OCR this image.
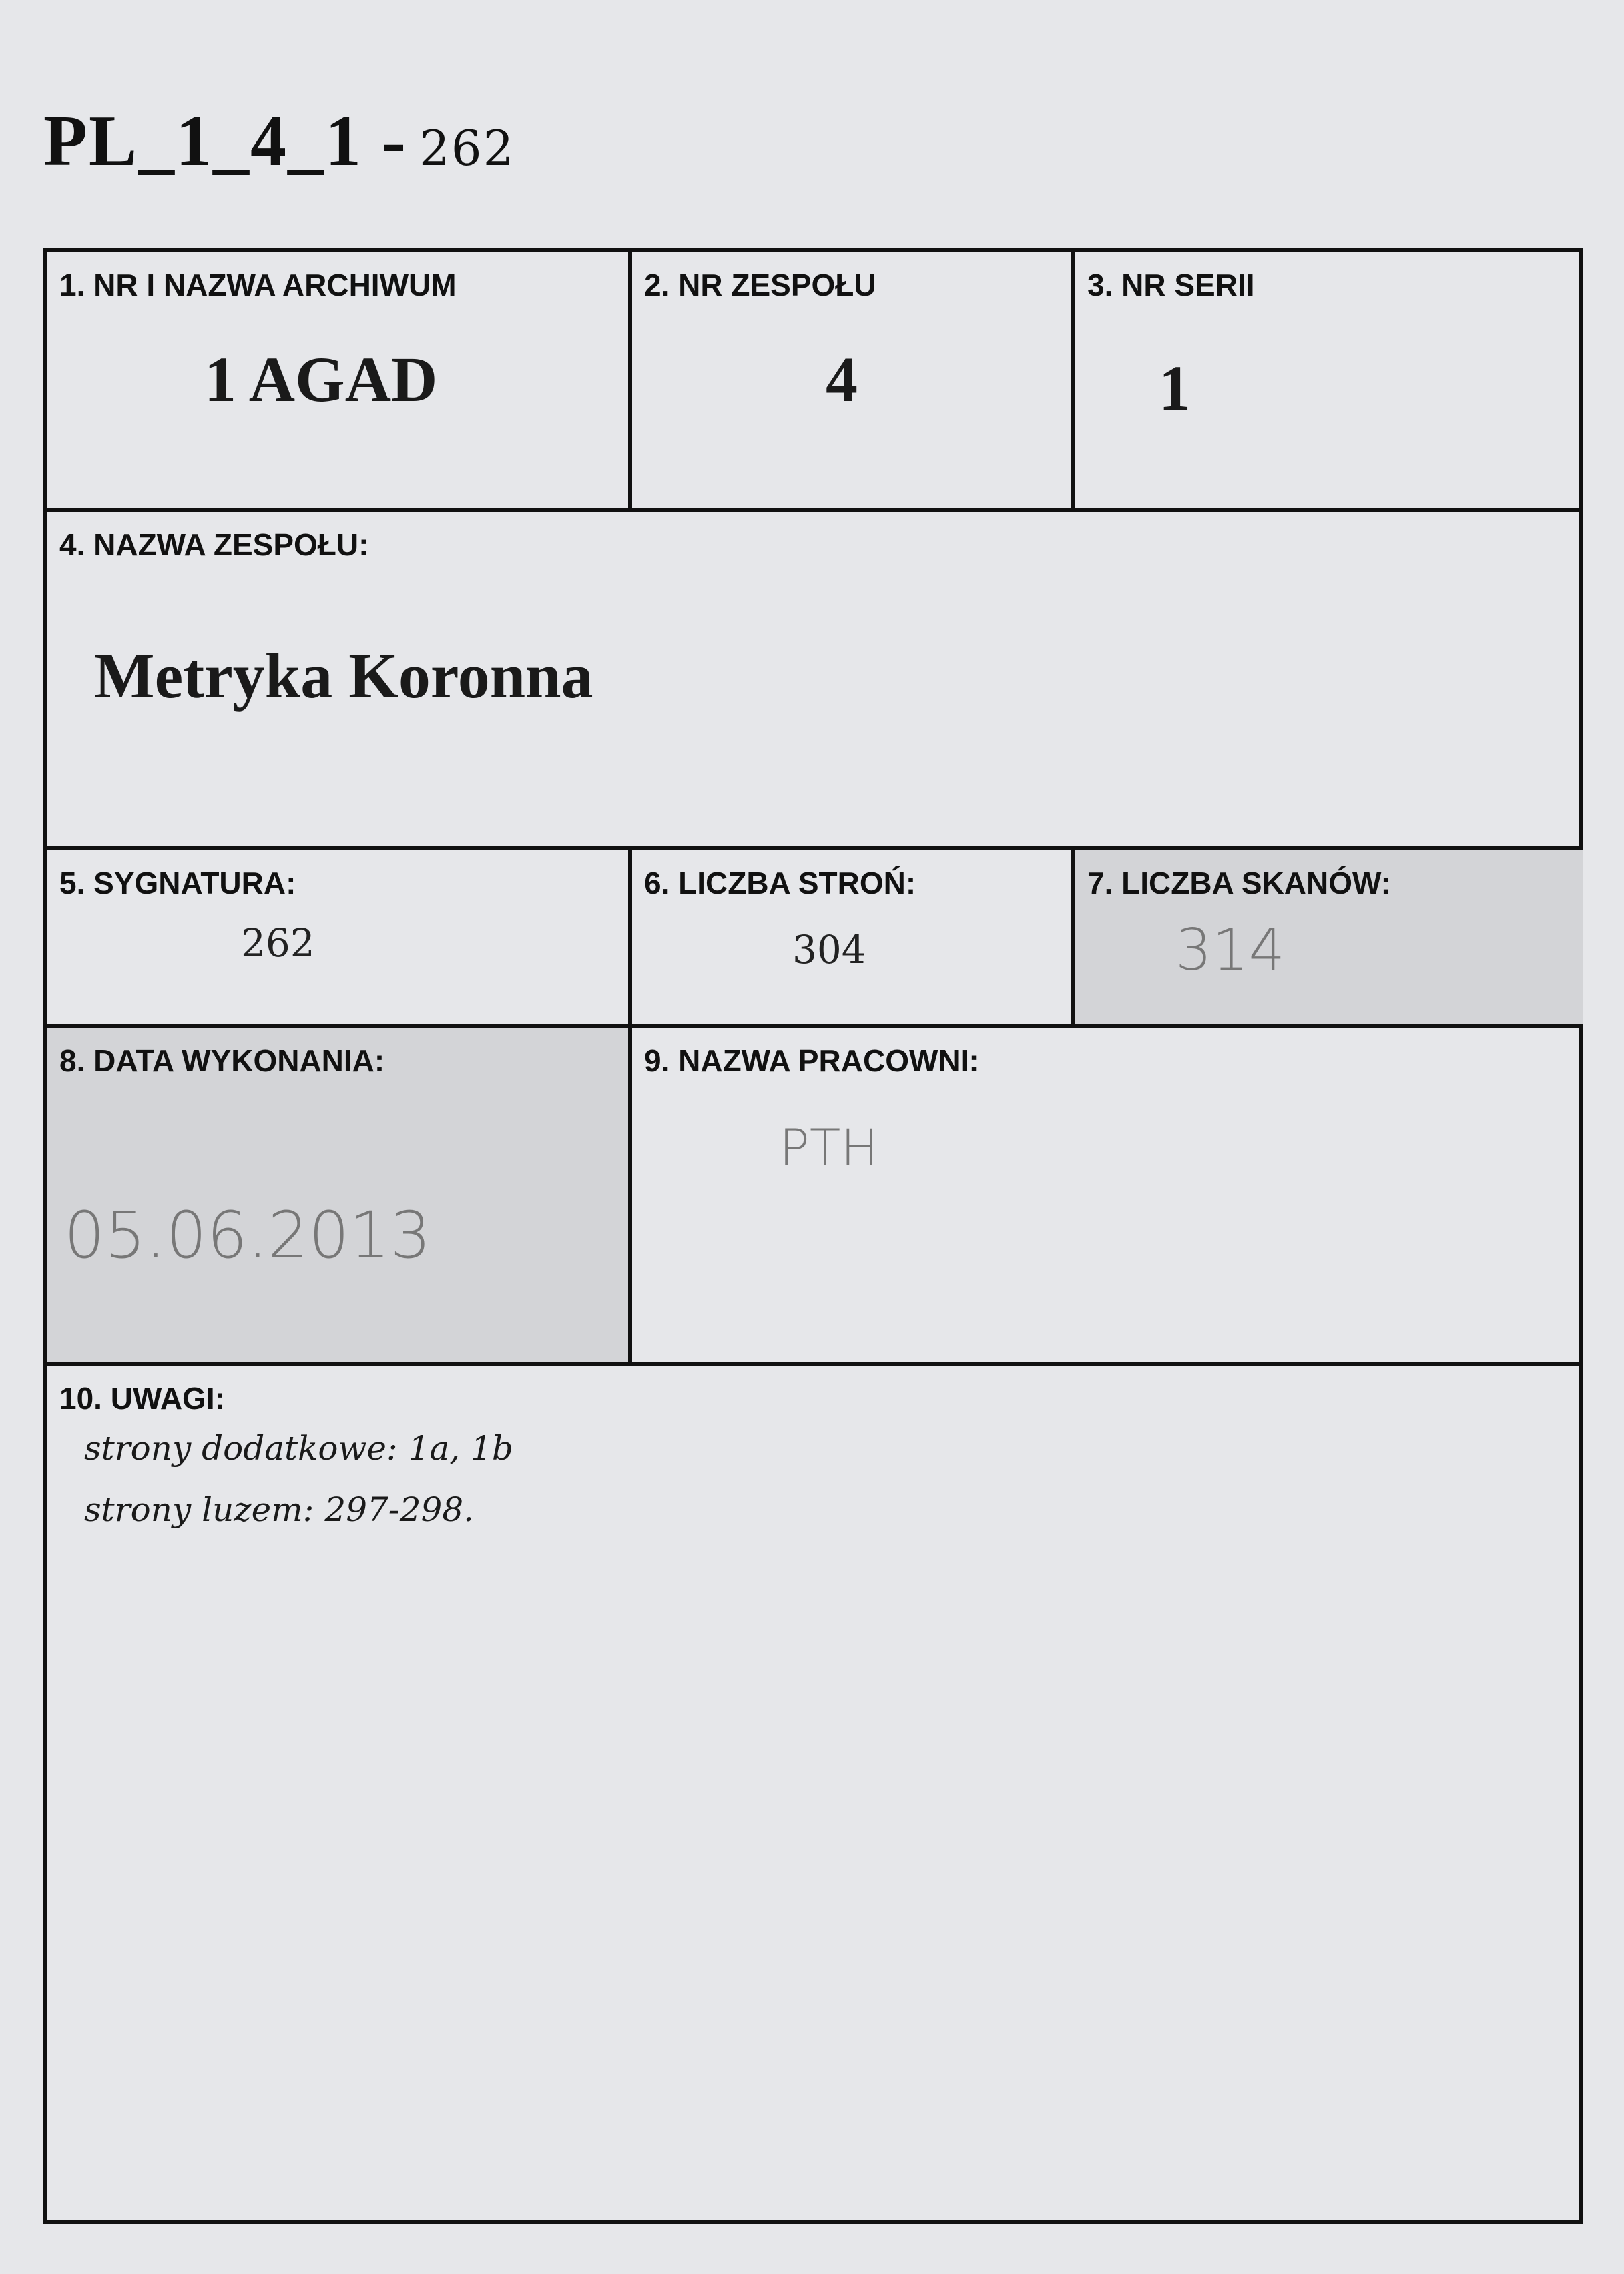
PL_1_4_1 - 262
1. NR I NAZWA ARCHIWUM
1 AGAD
2. NR ZESPOŁU
4
3. NR SERII
1
4. NAZWA ZESPOŁU:
Metryka Koronna
5. SYGNATURA:
262
6. LICZBA STROŃ:
304
7. LICZBA SKANÓW:
314
8. DATA WYKONANIA:
05.06.2013
9. NAZWA PRACOWNI:
PTH
10. UWAGI:
strony dodatkowe: 1a, 1b
strony luzem: 297-298.
